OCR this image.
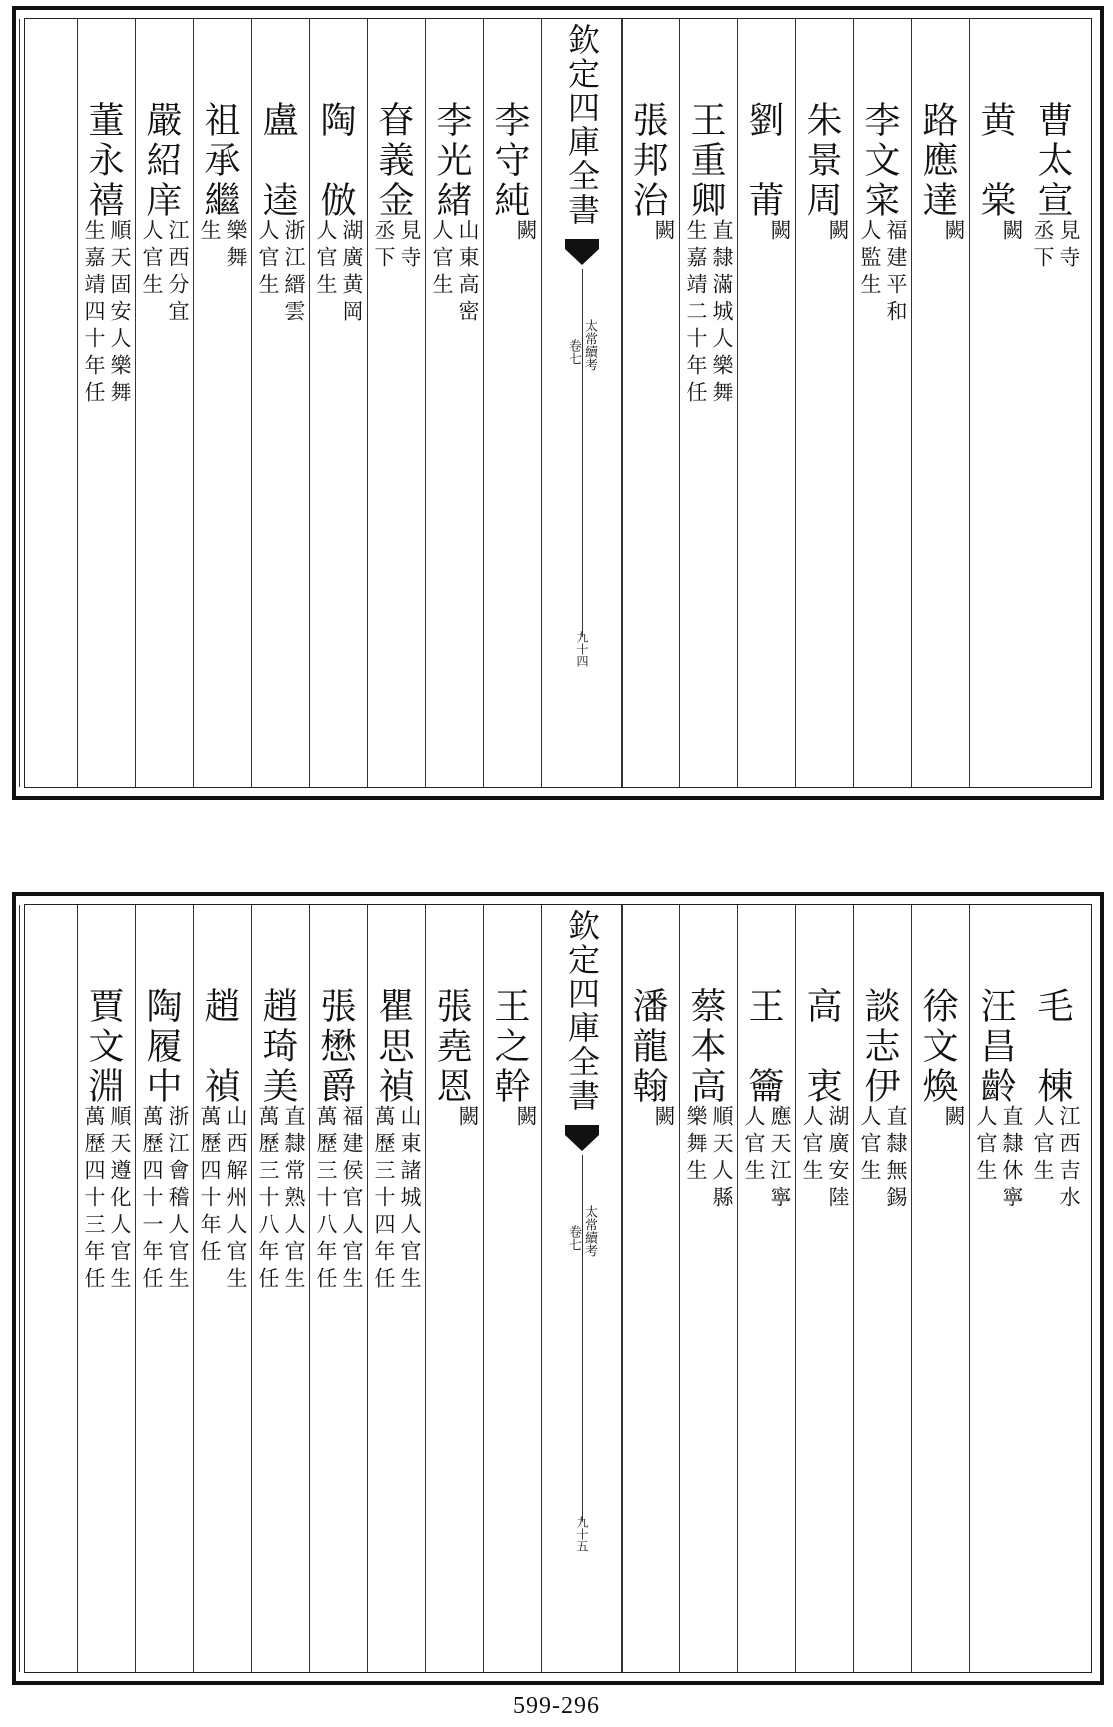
曹太宣
見寺
丞下
黄　棠
闕
路應達
闕
李文寀
福建平和
人監生
朱景周
闕
劉　莆
闕
王重卿
直隸滿城人樂舞
生嘉靖二十年任
張邦治
闕
欽定四庫全書
太常續考
卷七
九十四
李守純
闕
李光緒
山東高密
人官生
眘義金
見寺
丞下
陶　倣
湖廣黄岡
人官生
盧　逵
浙江縉雲
人官生
祖承繼
樂舞
生
嚴紹庠
江西分宜
人官生
董永禧
順天固安人樂舞
生嘉靖四十年任
毛　棟
江西吉水
人官生
汪昌齡
直隸休寧
人官生
徐文煥
闕
談志伊
直隸無錫
人官生
高　衷
湖廣安陸
人官生
王　籥
應天江寧
人官生
蔡本高
順天人縣
樂舞生
潘龍翰
闕
欽定四庫全書
太常續考
卷七
九十五
王之幹
闕
張堯恩
闕
瞿思禎
山東諸城人官生
萬歷三十四年任
張懋爵
福建侯官人官生
萬歷三十八年任
趙琦美
直隸常熟人官生
萬歷三十八年任
趙　禎
山西解州人官生
萬歷四十年任
陶履中
浙江會稽人官生
萬歷四十一年任
賈文淵
順天遵化人官生
萬歷四十三年任
599-296
